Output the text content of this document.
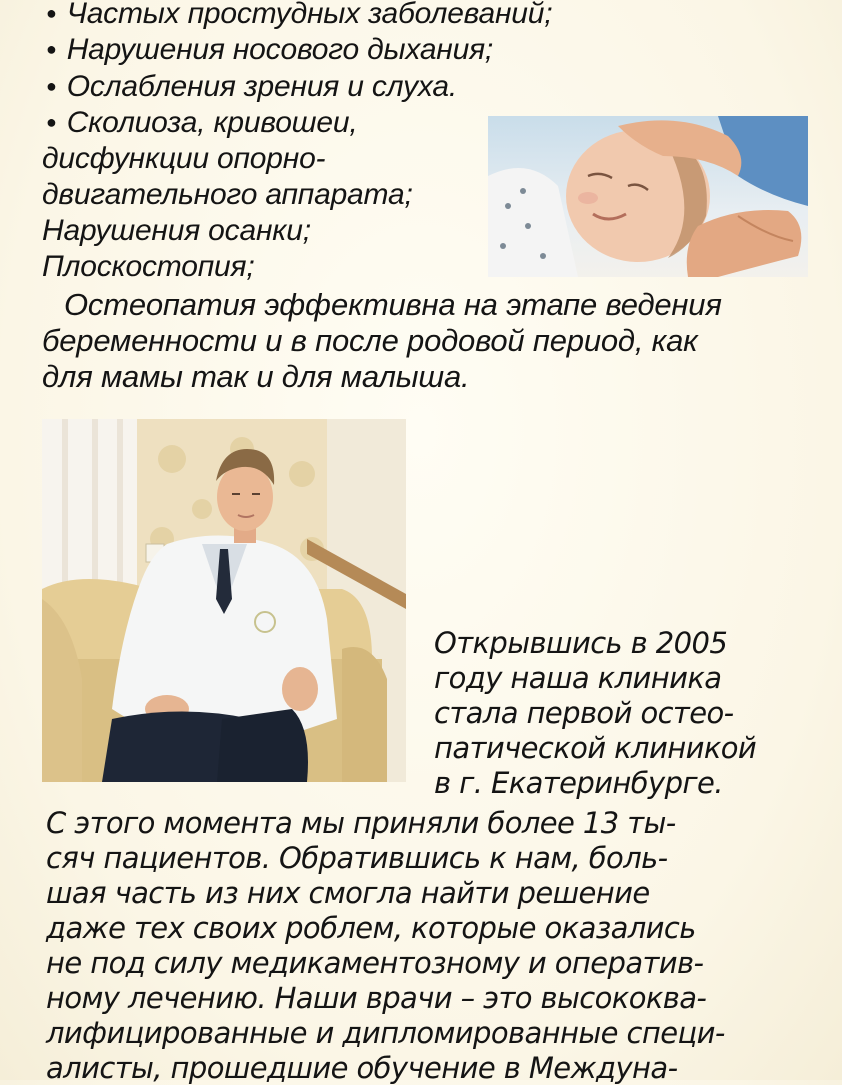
● Частых простудных заболеваний;
● Нарушения носового дыхания;
● Ослабления зрения и слуха.
● Сколиоза, кривошеи,
дисфункции опорно-
двигательного аппарата;
Нарушения осанки;
Плоскостопия;
Остеопатия эффективна на этапе ведения
беременности и в после родовой период, как
для мамы так и для малыша.
Открывшись в 2005
году наша клиника
стала первой остео-
патической клиникой
в г. Екатеринбурге.
С этого момента мы приняли более 13 ты-
сяч пациентов. Обратившись к нам, боль-
шая часть из них смогла найти решение
даже тех своих роблем, которые оказались
не под силу медикаментозному и оператив-
ному лечению. Наши врачи – это высококва-
лифицированные и дипломированные специ-
алисты, прошедшие обучение в Междуна-
